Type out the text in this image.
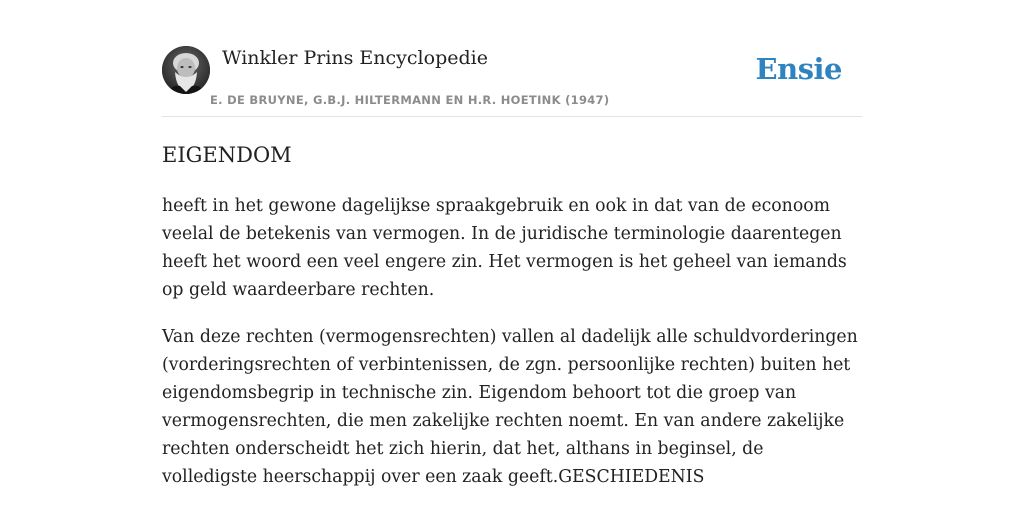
Winkler Prins Encyclopedie
E. DE BRUYNE, G.B.J. HILTERMANN EN H.R. HOETINK (1947)
Ensie
EIGENDOM

heeft in het gewone dagelijkse spraakgebruik en ook in dat van de econoom veelal de betekenis van vermogen. In de juridische terminologie daarentegen heeft het woord een veel engere zin. Het vermogen is het geheel van iemands op geld waardeerbare rechten.

Van deze rechten (vermogensrechten) vallen al dadelijk alle schuldvorderingen (vorderingsrechten of verbintenissen, de zgn. persoonlijke rechten) buiten het eigendomsbegrip in technische zin. Eigendom behoort tot die groep van vermogensrechten, die men zakelijke rechten noemt. En van andere zakelijke rechten onderscheidt het zich hierin, dat het, althans in beginsel, de volledigste heerschappij over een zaak geeft.GESCHIEDENIS
